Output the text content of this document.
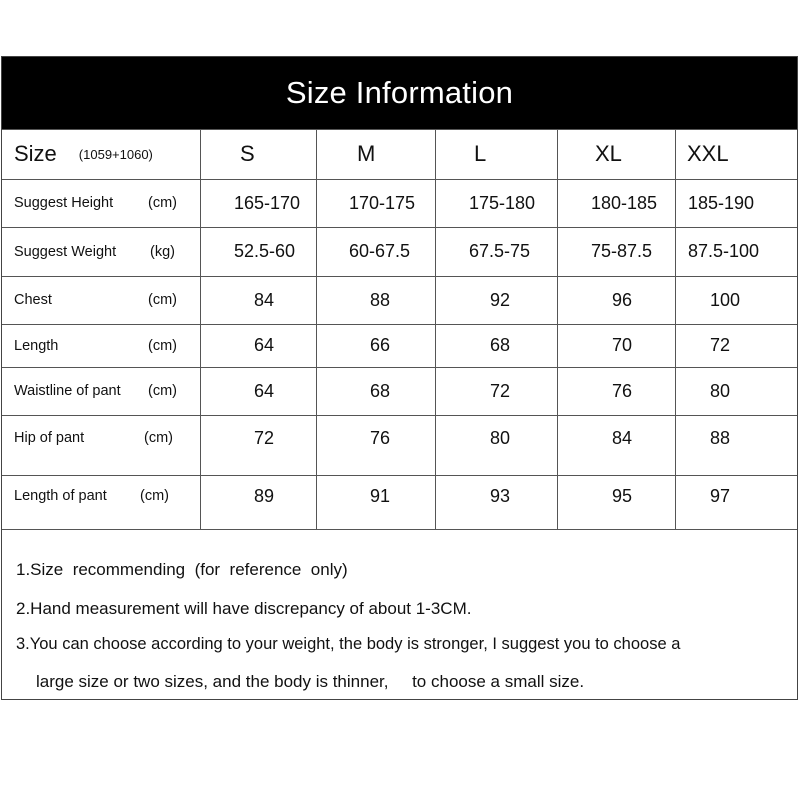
Size Information
Size (1059+1060)	S	M	L	XL	XXL
Suggest Height (cm)	165-170	170-175	175-180	180-185 185-190
Suggest Weight (kg)	52.5-60	60-67.5	67.5-75	75-87.5 87.5-100
Chest	(cm)	84	88	92	96	100
Length	(cm)	64	66	68	70	72
Waistline of pant (cm)	64	68	72	76	80
Hip of pant	(cm)	72	76	80	84	88
Length of pant (cm)	89	91	93	95	97
1.Size  recommending  (for  reference  only)
2.Hand measurement will have discrepancy of about 1-3CM.
3.You can choose according to your weight, the body is stronger, I suggest you to choose a
large size or two sizes, and the body is thinner,     to choose a small size.
